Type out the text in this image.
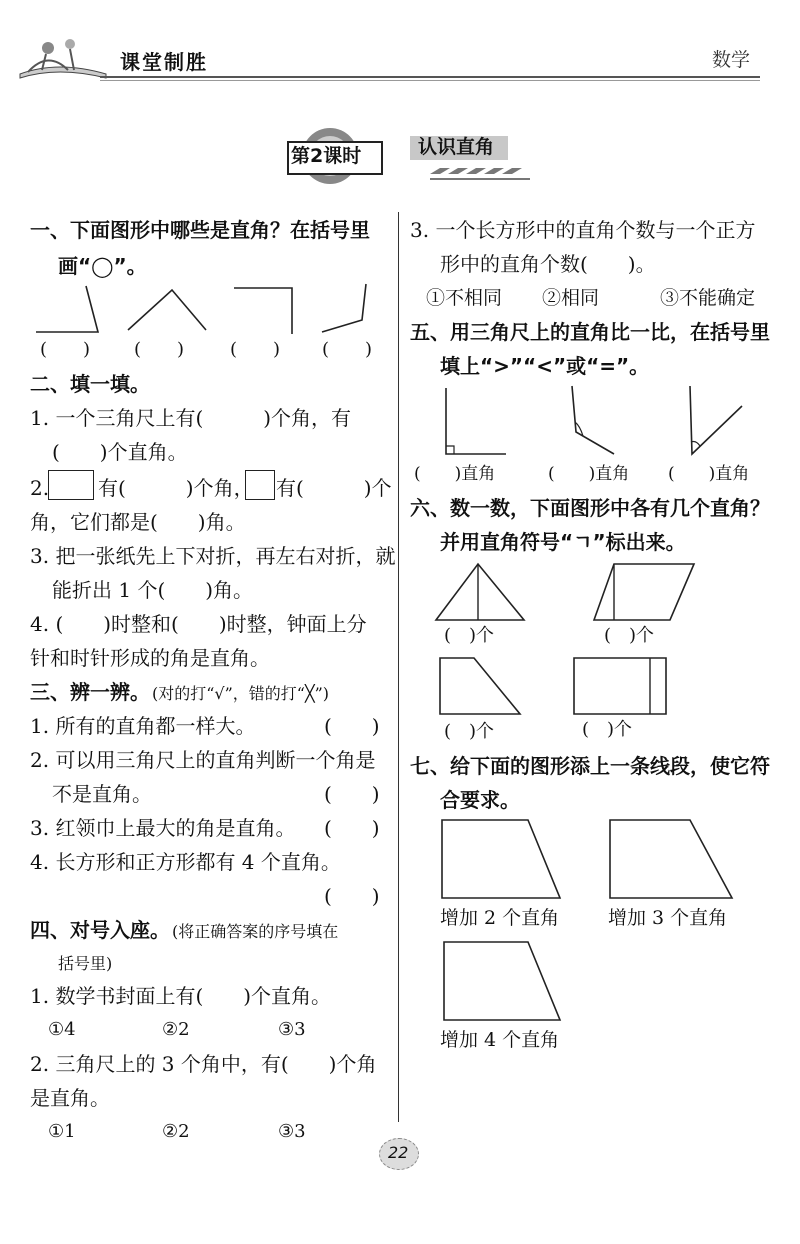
课堂制胜	数学
第2课时	认识直角
一、下面图形中哪些是直角？在括号里
画“◯”。
(　　) (　　)	(　　) (　　)
二、填一填。
1. 一个三角尺上有(　　　)个角，有
(　　)个直角。
2. 有(　　　)个角， 有(　　　)个
角，它们都是(　　)角。
3. 把一张纸先上下对折，再左右对折，就
能折出 1 个(　　)角。
4. (　　)时整和(　　)时整，钟面上分
针和时针形成的角是直角。
三、辨一辨。 (对的打“√”，错的打“╳”)
1. 所有的直角都一样大。	(　　)
2. 可以用三角尺上的直角判断一个角是
不是直角。	(　　)
3. 红领巾上最大的角是直角。 (　　)
4. 长方形和正方形都有 4 个直角。
(　　)
四、对号入座。 (将正确答案的序号填在
括号里)
1. 数学书封面上有(　　)个直角。
①4	②2	③3
2. 三角尺上的 3 个角中，有(　　)个角
是直角。
①1	②2	③3
3. 一个长方形中的直角个数与一个正方
形中的直角个数(　　)。
①不相同 ②相同	③不能确定
五、用三角尺上的直角比一比，在括号里
填上“>”“<”或“=”。
(　　)直角	(　　)直角 (　　)直角
六、数一数，下面图形中各有几个直角？
并用直角符号“ㄱ”标出来。
(　)个	(　)个
(　)个	(　)个
七、给下面的图形添上一条线段，使它符
合要求。
增加 2 个直角	增加 3 个直角
增加 4 个直角
22
